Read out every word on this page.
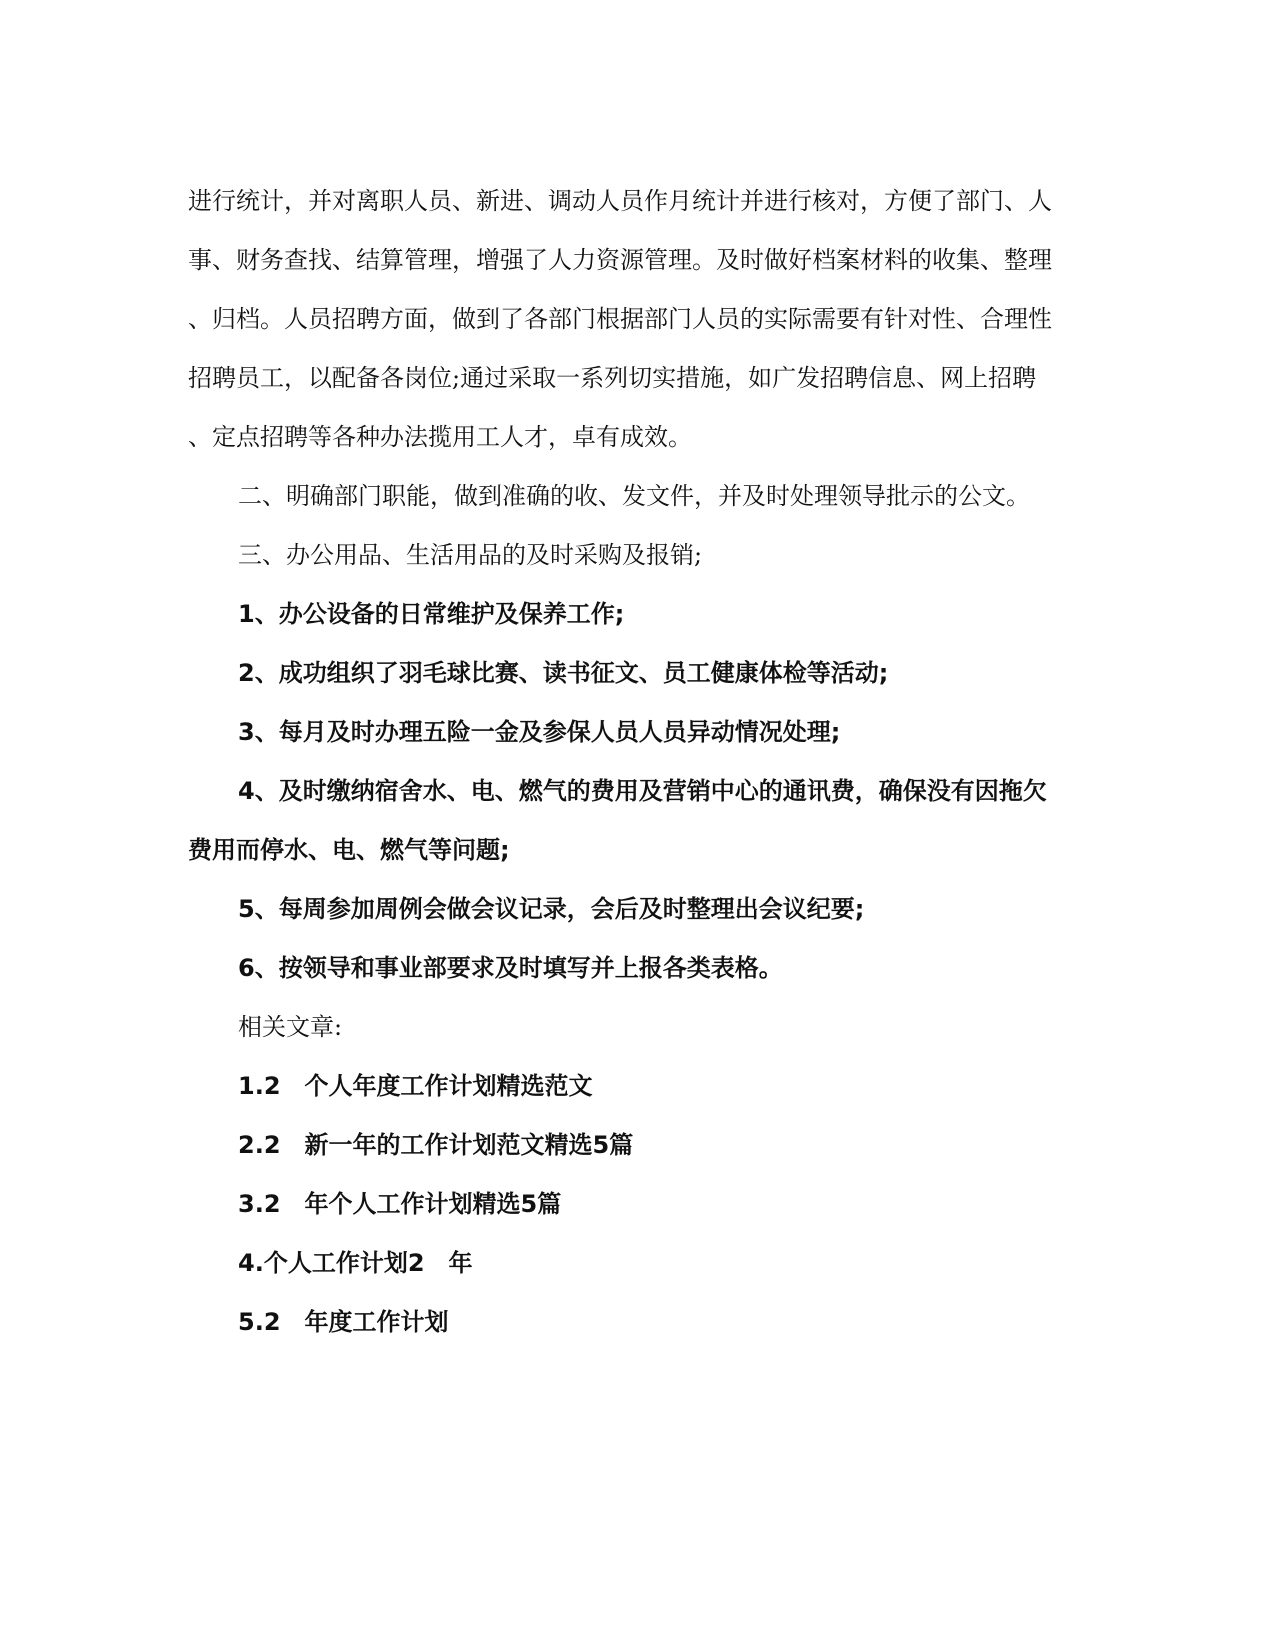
进行统计，并对离职人员、新进、调动人员作月统计并进行核对，方便了部门、人
事、财务查找、结算管理，增强了人力资源管理。及时做好档案材料的收集、整理
、归档。人员招聘方面，做到了各部门根据部门人员的实际需要有针对性、合理性
招聘员工，以配备各岗位;通过采取一系列切实措施，如广发招聘信息、网上招聘
、定点招聘等各种办法揽用工人才，卓有成效。

二、明确部门职能，做到准确的收、发文件，并及时处理领导批示的公文。

三、办公用品、生活用品的及时采购及报销;

1、办公设备的日常维护及保养工作;

2、成功组织了羽毛球比赛、读书征文、员工健康体检等活动;

3、每月及时办理五险一金及参保人员人员异动情况处理;

4、及时缴纳宿舍水、电、燃气的费用及营销中心的通讯费，确保没有因拖欠
费用而停水、电、燃气等问题;

5、每周参加周例会做会议记录，会后及时整理出会议纪要;

6、按领导和事业部要求及时填写并上报各类表格。

相关文章:

1.2　个人年度工作计划精选范文

2.2　新一年的工作计划范文精选5篇

3.2　年个人工作计划精选5篇

4.个人工作计划2　年

5.2　年度工作计划
